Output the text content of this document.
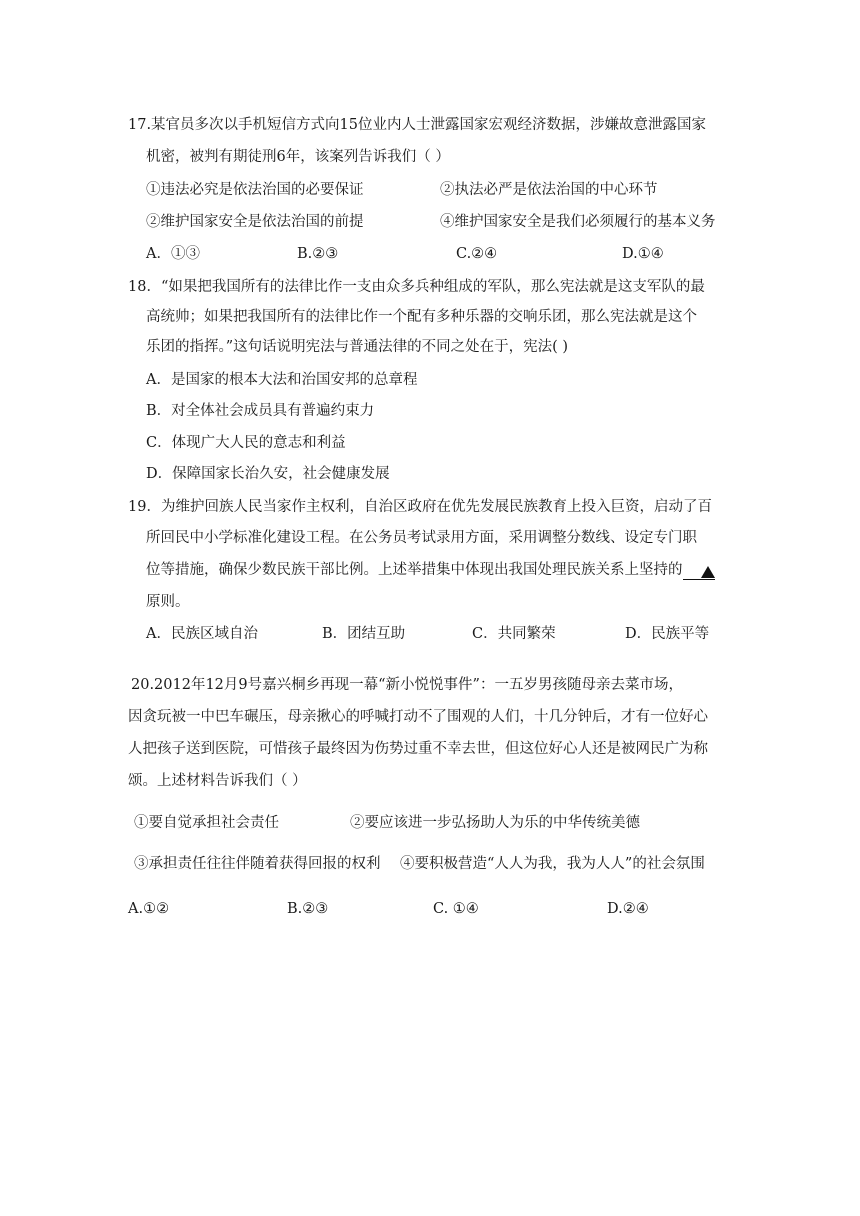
17.某官员多次以手机短信方式向15位业内人士泄露国家宏观经济数据，涉嫌故意泄露国家
机密，被判有期徒刑6年，该案列告诉我们（ ）
①违法必究是依法治国的必要保证	②执法必严是依法治国的中心环节
②维护国家安全是依法治国的前提	④维护国家安全是我们必须履行的基本义务
A．①③	B.②③	C.②④	D.①④
18．“如果把我国所有的法律比作一支由众多兵种组成的军队，那么宪法就是这支军队的最
高统帅；如果把我国所有的法律比作一个配有多种乐器的交响乐团，那么宪法就是这个
乐团的指挥。”这句话说明宪法与普通法律的不同之处在于，宪法( )
A．是国家的根本大法和治国安邦的总章程
B．对全体社会成员具有普遍约束力
C．体现广大人民的意志和利益
D．保障国家长治久安，社会健康发展
19．为维护回族人民当家作主权利，自治区政府在优先发展民族教育上投入巨资，启动了百
所回民中小学标准化建设工程。在公务员考试录用方面，采用调整分数线、设定专门职
位等措施，确保少数民族干部比例。上述举措集中体现出我国处理民族关系上坚持的
原则。
A．民族区域自治	B．团结互助	C．共同繁荣	D．民族平等
20.2012年12月9号嘉兴桐乡再现一幕“新小悦悦事件”：一五岁男孩随母亲去菜市场，
因贪玩被一中巴车碾压，母亲揪心的呼喊打动不了围观的人们，十几分钟后，才有一位好心
人把孩子送到医院，可惜孩子最终因为伤势过重不幸去世，但这位好心人还是被网民广为称
颂。上述材料告诉我们（ ）
①要自觉承担社会责任	②要应该进一步弘扬助人为乐的中华传统美德
③承担责任往往伴随着获得回报的权利 ④要积极营造“人人为我，我为人人”的社会氛围
A.①②	B.②③	C. ①④	D.②④
